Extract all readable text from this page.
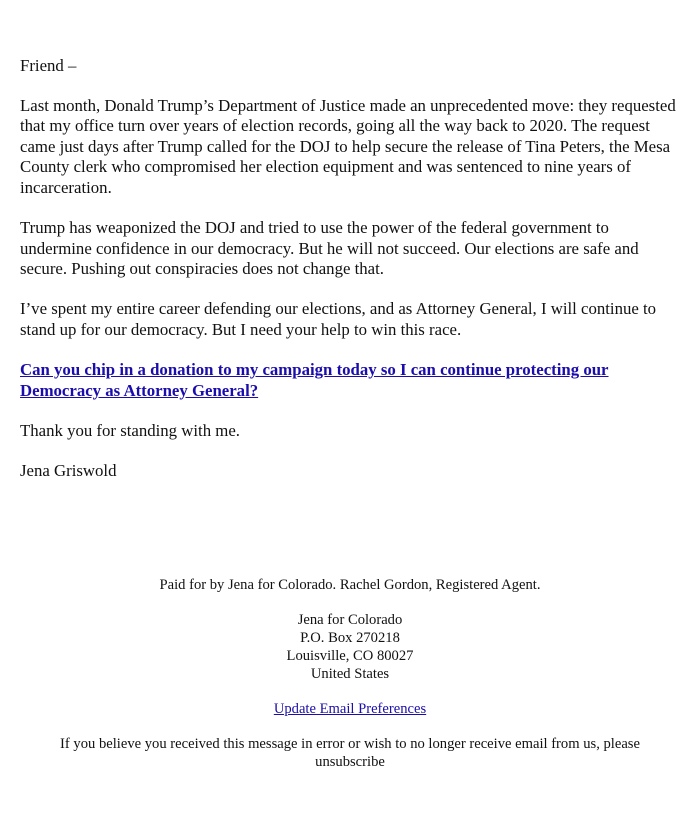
Friend –

Last month, Donald Trump’s Department of Justice made an unprecedented move: they requested that my office turn over years of election records, going all the way back to 2020. The request came just days after Trump called for the DOJ to help secure the release of Tina Peters, the Mesa County clerk who compromised her election equipment and was sentenced to nine years of incarceration.

Trump has weaponized the DOJ and tried to use the power of the federal government to undermine confidence in our democracy. But he will not succeed. Our elections are safe and secure. Pushing out conspiracies does not change that.

I’ve spent my entire career defending our elections, and as Attorney General, I will continue to stand up for our democracy. But I need your help to win this race.

Can you chip in a donation to my campaign today so I can continue protecting our Democracy as Attorney General?

Thank you for standing with me.

Jena Griswold

Paid for by Jena for Colorado. Rachel Gordon, Registered Agent.

Jena for Colorado
P.O. Box 270218
Louisville, CO 80027
United States

Update Email Preferences

If you believe you received this message in error or wish to no longer receive email from us, please unsubscribe
